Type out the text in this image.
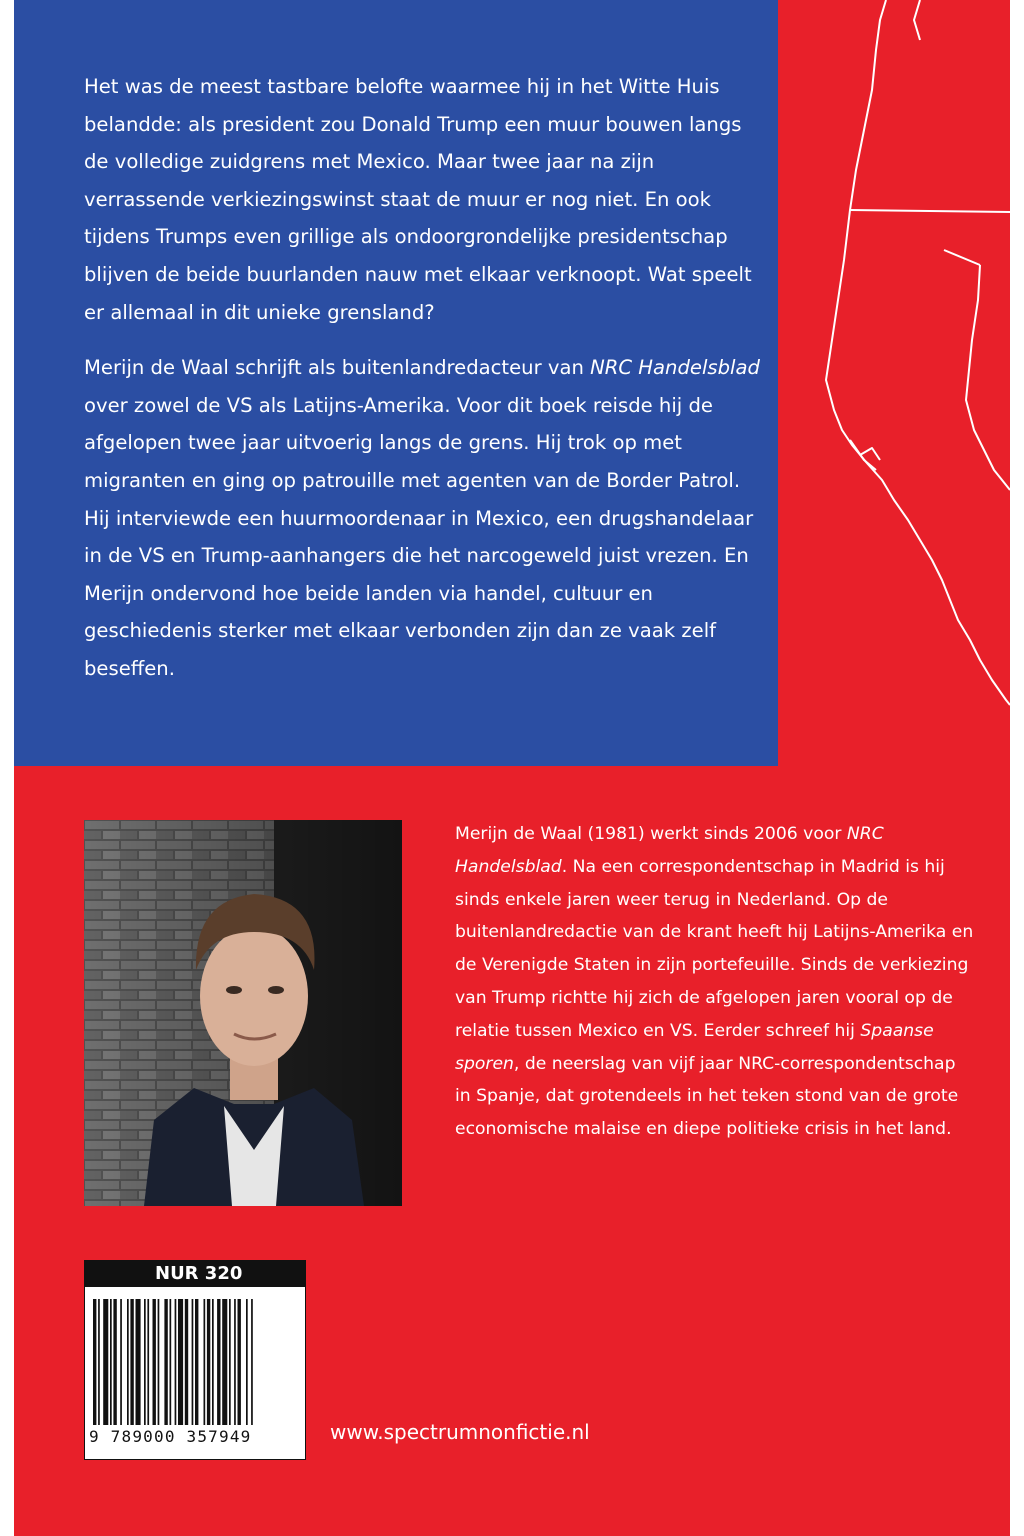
Het was de meest tastbare belofte waarmee hij in het Witte Huis belandde: als president zou Donald Trump een muur bouwen langs de volledige zuidgrens met Mexico. Maar twee jaar na zijn verrassende verkiezingswinst staat de muur er nog niet. En ook tijdens Trumps even grillige als ondoorgrondelijke presidentschap blijven de beide buurlanden nauw met elkaar verknoopt. Wat speelt er allemaal in dit unieke grensland?

Merijn de Waal schrijft als buitenlandredacteur van NRC Handelsblad over zowel de VS als Latijns-Amerika. Voor dit boek reisde hij de afgelopen twee jaar uitvoerig langs de grens. Hij trok op met migranten en ging op patrouille met agenten van de Border Patrol. Hij interviewde een huurmoordenaar in Mexico, een drugshandelaar in de VS en Trump-aanhangers die het narcogeweld juist vrezen. En Merijn ondervond hoe beide landen via handel, cultuur en geschiedenis sterker met elkaar verbonden zijn dan ze vaak zelf beseffen.

Merijn de Waal (1981) werkt sinds 2006 voor NRC Handelsblad. Na een correspondentschap in Madrid is hij sinds enkele jaren weer terug in Nederland. Op de buitenlandredactie van de krant heeft hij Latijns-Amerika en de Verenigde Staten in zijn portefeuille. Sinds de verkiezing van Trump richtte hij zich de afgelopen jaren vooral op de relatie tussen Mexico en VS. Eerder schreef hij Spaanse sporen, de neerslag van vijf jaar NRC-correspondentschap in Spanje, dat grotendeels in het teken stond van de grote economische malaise en diepe politieke crisis in het land.

NUR 320
9 789000 357949	www.spectrumnonfictie.nl
